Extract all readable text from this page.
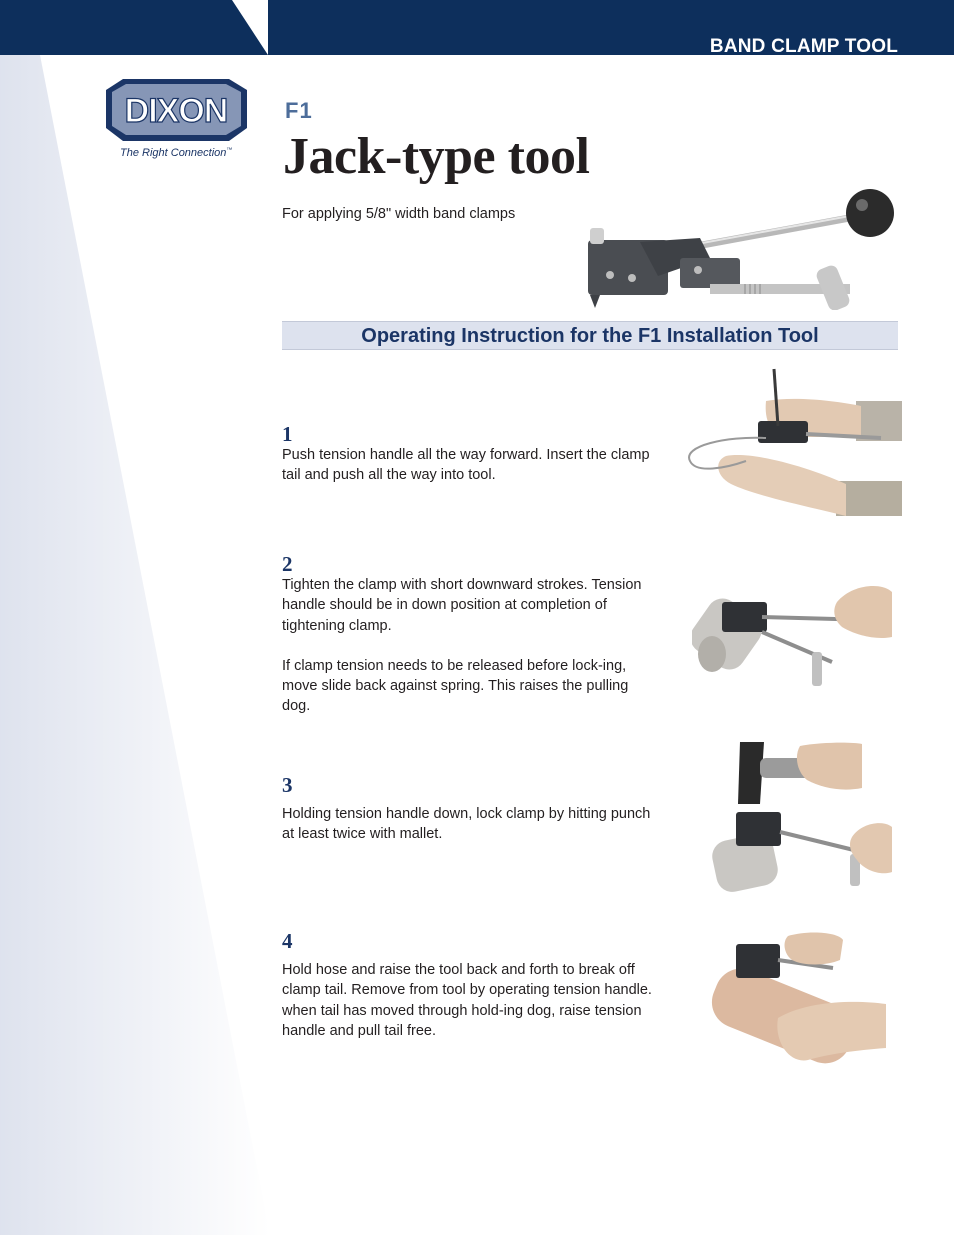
BAND CLAMP TOOL
DIXON
The Right Connection™
F1
Jack-type tool

For applying 5/8" width band clamps

Operating Instruction for the F1 Installation Tool
1
Push tension handle all the way forward. Insert the clamp tail and push all the way into tool.
2
Tighten the clamp with short downward strokes. Tension handle should be in down position at completion of tightening clamp.
If clamp tension needs to be released before lock-ing, move slide back against spring. This raises the pulling dog.
3
Holding tension handle down, lock clamp by hitting punch at least twice with mallet.
4
Hold hose and raise the tool back and forth to break off clamp tail. Remove from tool by operating tension handle. when tail has moved through hold-ing dog, raise tension handle and pull tail free.
